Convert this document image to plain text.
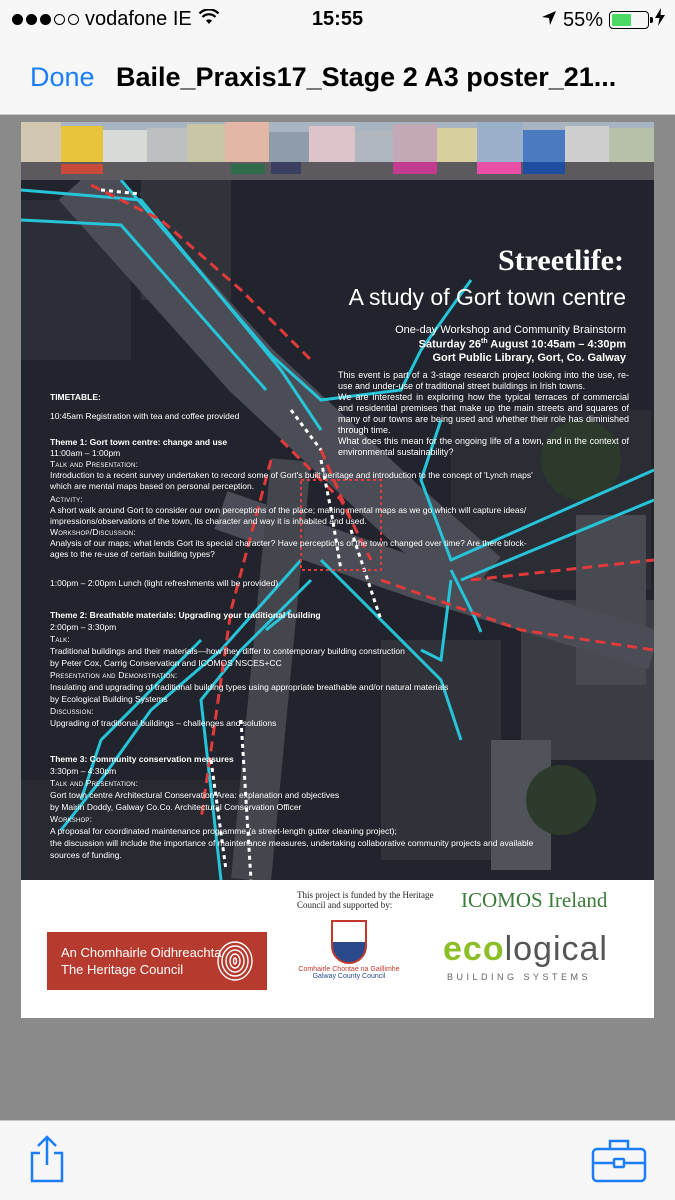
vodafone IE	15:55	55%
Done Baile_Praxis17_Stage 2 A3 poster_21...
Streetlife:
A study of Gort town centre
One-day Workshop and Community Brainstorm
Saturday 26th August 10:45am – 4:30pm
Gort Public Library, Gort, Co. Galway
This event is part of a 3-stage research project looking into the use, re-use and under-use of traditional street buildings in Irish towns.
We are interested in exploring how the typical terraces of commercial and residential premises that make up the main streets and squares of many of our towns are being used and whether their role has diminished through time.
What does this mean for the ongoing life of a town, and in the context of environmental sustainability?
TIMETABLE:
10:45am Registration with tea and coffee provided
Theme 1: Gort town centre: change and use
11:00am – 1:00pm
Talk and Presentation:
Introduction to a recent survey undertaken to record some of Gort's built heritage and introduction to the concept of 'Lynch maps'
which are mental maps based on personal perception.
Activity:
A short walk around Gort to consider our own perceptions of the place; making mental maps as we go which will capture ideas/
impressions/observations of the town, its character and way it is inhabited and used.
Workshop/Discussion:
Analysis of our maps; what lends Gort its special character? Have perceptions of the town changed over time? Are there block-
ages to the re-use of certain building types?
1:00pm – 2:00pm Lunch (light refreshments will be provided)
Theme 2: Breathable materials: Upgrading your traditional building
2:00pm – 3:30pm
Talk:
Traditional buildings and their materials—how they differ to contemporary building construction
by Peter Cox, Carrig Conservation and ICOMOS NSCES+CC
Presentation and Demonstration:
Insulating and upgrading of traditional building types using appropriate breathable and/or natural materials
by Ecological Building Systems
Discussion:
Upgrading of traditional buildings – challenges and solutions
Theme 3: Community conservation measures
3:30pm – 4:30pm
Talk and Presentation:
Gort town centre Architectural Conservation Area: explanation and objectives
by Mairin Doddy, Galway Co.Co. Architectural Conservation Officer
Workshop:
A proposal for coordinated maintenance programme (a street-length gutter cleaning project);
the discussion will include the importance of maintenance measures, undertaking collaborative community projects and available
sources of funding.
This project is funded by the Heritage
Council and supported by:
An Chomhairle Oidhreachta
The Heritage Council	Comhairle Chontae na Gaillimhe
Galway County Council
ICOMOS Ireland
ecological
BUILDING SYSTEMS
